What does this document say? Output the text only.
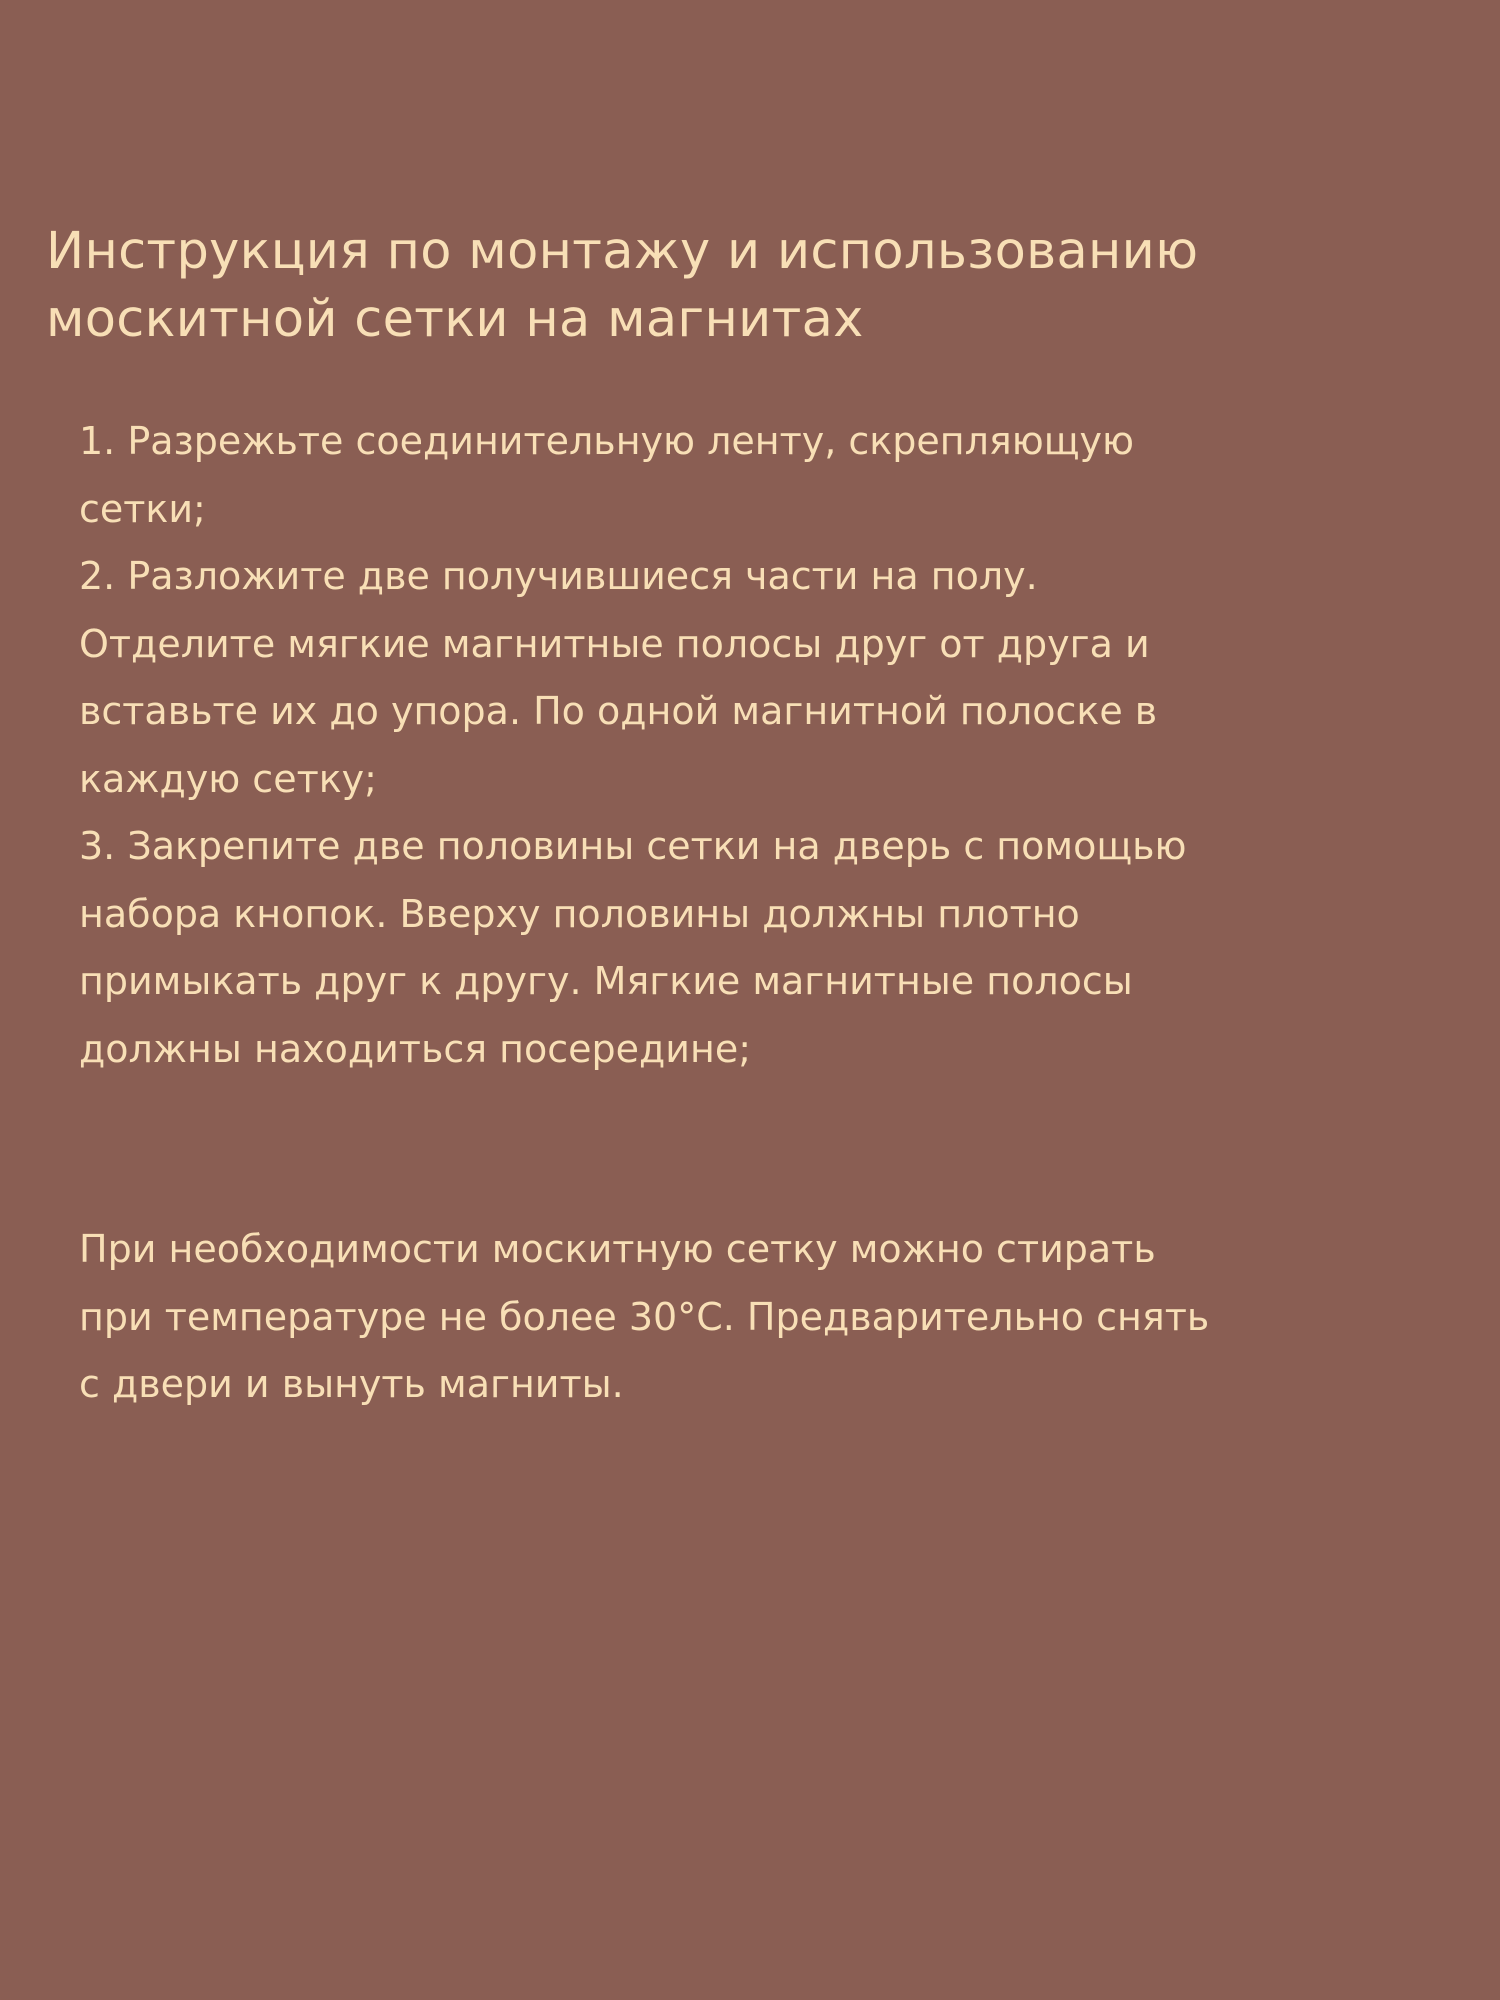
Инструкция по монтажу и использованию
москитной сетки на магнитах
1. Разрежьте соединительную ленту, скрепляющую
сетки;
2. Разложите две получившиеся части на полу.
Отделите мягкие магнитные полосы друг от друга и
вставьте их до упора. По одной магнитной полоске в
каждую сетку;
3. Закрепите две половины сетки на дверь с помощью
набора кнопок. Вверху половины должны плотно
примыкать друг к другу. Мягкие магнитные полосы
должны находиться посередине;
При необходимости москитную сетку можно стирать
при температуре не более 30°С. Предварительно снять
с двери и вынуть магниты.
